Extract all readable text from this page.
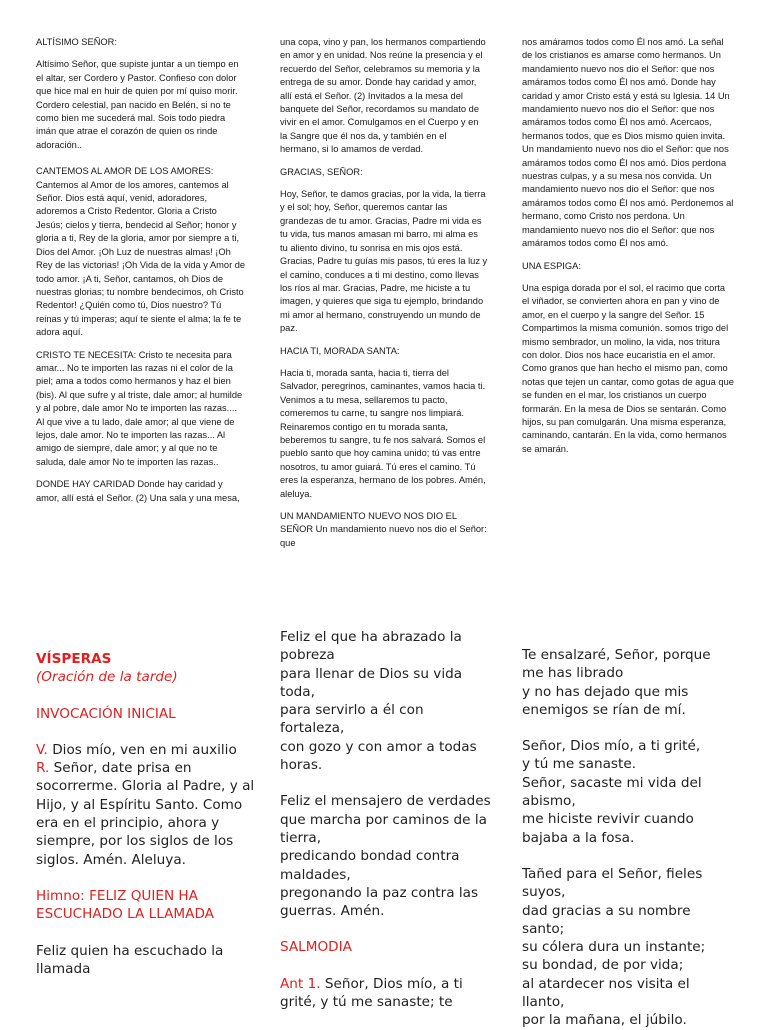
ALTÍSIMO SEÑOR:

Altísimo Señor, que supiste juntar a un tiempo en el altar, ser Cordero y Pastor. Confieso con dolor que hice mal en huir de quien por mí quiso morir. Cordero celestial, pan nacido en Belén, si no te como bien me sucederá mal. Sois todo piedra imán que atrae el corazón de quien os rinde adoración..

CANTEMOS AL AMOR DE LOS AMORES: Cantemos al Amor de los amores, cantemos al Señor. Dios está aquí, venid, adoradores, adoremos a Cristo Redentor. Gloria a Cristo Jesús; cielos y tierra, bendecid al Señor; honor y gloria a ti, Rey de la gloria, amor por siempre a ti, Dios del Amor. ¡Oh Luz de nuestras almas! ¡Oh Rey de las victorias! ¡Oh Vida de la vida y Amor de todo amor. ¡A ti, Señor, cantamos, oh Dios de nuestras glorias; tu nombre bendecimos, oh Cristo Redentor! ¿Quién como tú, Dios nuestro? Tú reinas y tú imperas; aquí te siente el alma; la fe te adora aquí.

CRISTO TE NECESITA: Cristo te necesita para amar... No te importen las razas ni el color de la piel; ama a todos como hermanos y haz el bien (bis). Al que sufre y al triste, dale amor; al humilde y al pobre, dale amor No te importen las razas.... Al que vive a tu lado, dale amor; al que viene de lejos, dale amor. No te importen las razas... Al amigo de siempre, dale amor; y al que no te saluda, dale amor No te importen las razas..

DONDE HAY CARIDAD Donde hay caridad y amor, allí está el Señor. (2) Una sala y una mesa,

una copa, vino y pan, los hermanos compartiendo en amor y en unidad. Nos reúne la presencia y el recuerdo del Señor, celebramos su memoria y la entrega de su amor. Donde hay caridad y amor, allí está el Señor. (2) Invitados a la mesa del banquete del Señor, recordamos su mandato de vivir en el amor. Comulgamos en el Cuerpo y en la Sangre que él nos da, y también en el hermano, si lo amamos de verdad.

GRACIAS, SEÑOR:

Hoy, Señor, te damos gracias, por la vida, la tierra y el sol; hoy, Señor, queremos cantar las grandezas de tu amor. Gracias, Padre mi vida es tu vida, tus manos amasan mi barro, mi alma es tu aliento divino, tu sonrisa en mis ojos está. Gracias, Padre tu guías mis pasos, tú eres la luz y el camino, conduces a ti mi destino, como llevas los ríos al mar. Gracias, Padre, me hiciste a tu imagen, y quieres que siga tu ejemplo, brindando mi amor al hermano, construyendo un mundo de paz.

HACIA TI, MORADA SANTA:

Hacia ti, morada santa, hacia ti, tierra del Salvador, peregrinos, caminantes, vamos hacia ti. Venimos a tu mesa, sellaremos tu pacto, comeremos tu carne, tu sangre nos limpiará. Reinaremos contigo en tu morada santa, beberemos tu sangre, tu fe nos salvará. Somos el pueblo santo que hoy camina unido; tú vas entre nosotros, tu amor guiará. Tú eres el camino. Tú eres la esperanza, hermano de los pobres. Amén, aleluya.

UN MANDAMIENTO NUEVO NOS DIO EL SEÑOR Un mandamiento nuevo nos dio el Señor: que

nos amáramos todos como Él nos amó. La señal de los cristianos es amarse como hermanos. Un mandamiento nuevo nos dio el Señor: que nos amáramos todos como Él nos amó. Donde hay caridad y amor Cristo está y está su Iglesia. 14 Un mandamiento nuevo nos dio el Señor: que nos amáramos todos como Él nos amó. Acercaos, hermanos todos, que es Dios mismo quien invita. Un mandamiento nuevo nos dio el Señor: que nos amáramos todos como Él nos amó. Dios perdona nuestras culpas, y a su mesa nos convida. Un mandamiento nuevo nos dio el Señor: que nos amáramos todos como Él nos amó. Perdonemos al hermano, como Cristo nos perdona. Un mandamiento nuevo nos dio el Señor: que nos amáramos todos como Él nos amó.

UNA ESPIGA:

Una espiga dorada por el sol, el racimo que corta el viñador, se convierten ahora en pan y vino de amor, en el cuerpo y la sangre del Señor. 15 Compartimos la misma comunión. somos trigo del mismo sembrador, un molino, la vida, nos tritura con dolor. Dios nos hace eucaristía en el amor. Como granos que han hecho el mismo pan, como notas que tejen un cantar, como gotas de agua que se funden en el mar, los cristianos un cuerpo formarán. En la mesa de Dios se sentarán. Como hijos, su pan comulgarán. Una misma esperanza, caminando, cantarán. En la vida, como hermanos se amarán.

VÍSPERAS
(Oración de la tarde)
INVOCACIÓN INICIAL
V. Dios mío, ven en mi auxilio
R. Señor, date prisa en socorrerme. Gloria al Padre, y al Hijo, y al Espíritu Santo. Como era en el principio, ahora y siempre, por los siglos de los siglos. Amén. Aleluya.
Himno: FELIZ QUIEN HA ESCUCHADO LA LLAMADA
Feliz quien ha escuchado la llamada
Feliz el que ha abrazado la pobreza
para llenar de Dios su vida toda,
para servirlo a él con fortaleza,
con gozo y con amor a todas horas.
Feliz el mensajero de verdades
que marcha por caminos de la tierra,
predicando bondad contra maldades,
pregonando la paz contra las guerras. Amén.
SALMODIA
Ant 1. Señor, Dios mío, a ti grité, y tú me sanaste; te
Te ensalzaré, Señor, porque me has librado
y no has dejado que mis enemigos se rían de mí.
Señor, Dios mío, a ti grité,
y tú me sanaste.
Señor, sacaste mi vida del abismo,
me hiciste revivir cuando bajaba a la fosa.
Tañed para el Señor, fieles suyos,
dad gracias a su nombre santo;
su cólera dura un instante;
su bondad, de por vida;
al atardecer nos visita el llanto,
por la mañana, el júbilo.
